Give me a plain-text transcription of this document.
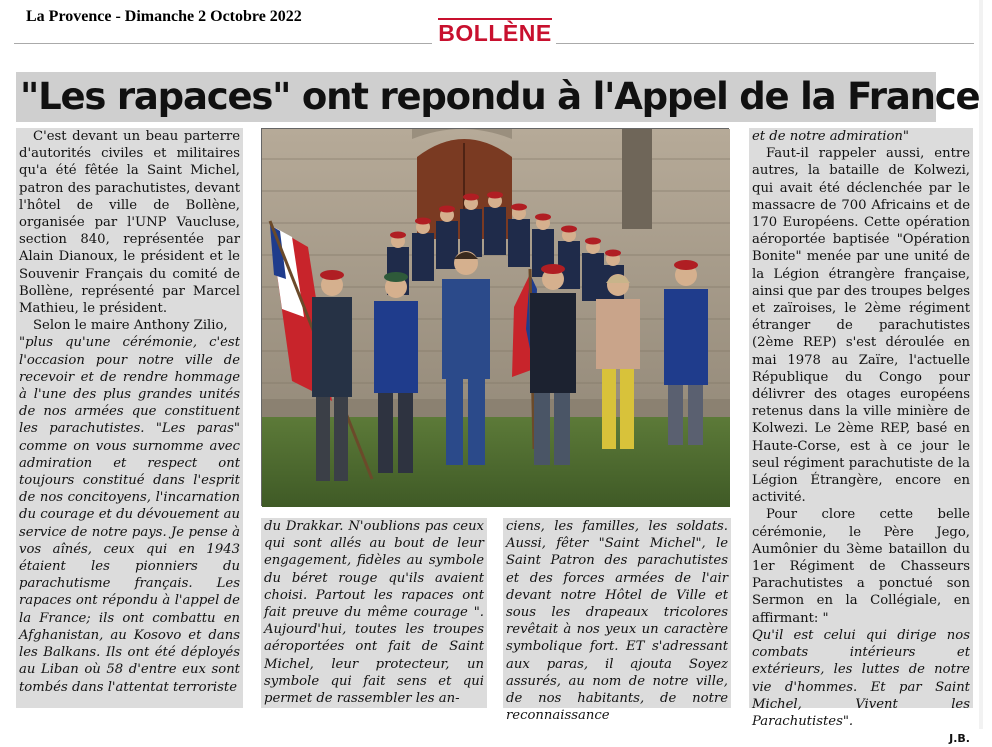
La Provence - Dimanche 2 Octobre 2022
BOLLÈNE
"Les rapaces" ont repondu à l'Appel de la France

C'est devant un beau parterre d'autorités civiles et militaires qu'a été fêtée la Saint Michel, patron des parachutistes, devant l'hôtel de ville de Bollène, organisée par l'UNP Vaucluse, section 840, représentée par Alain Dianoux, le président et le Souvenir Français du comité de Bollène, représenté par Marcel Mathieu, le président.

Selon le maire Anthony Zilio,

"plus qu'une cérémonie, c'est l'occasion pour notre ville de recevoir et de rendre hommage à l'une des plus grandes unités de nos armées que constituent les parachutistes. "Les paras" comme on vous surnomme avec admiration et respect ont toujours constitué dans l'esprit de nos concitoyens, l'incarnation du courage et du dévouement au service de notre pays. Je pense à vos aînés, ceux qui en 1943 étaient les pionniers du parachutisme français. Les rapaces ont répondu à l'appel de la France; ils ont combattu en Afghanistan, au Kosovo et dans les Balkans. Ils ont été déployés au Liban où 58 d'entre eux sont tombés dans l'attentat terroriste

du Drakkar. N'oublions pas ceux qui sont allés au bout de leur engagement, fidèles au symbole du béret rouge qu'ils avaient choisi. Partout les rapaces ont fait preuve du même courage ". Aujourd'hui, toutes les troupes aéroportées ont fait de Saint Michel, leur protecteur, un symbole qui fait sens et qui permet de rassembler les an-

ciens, les familles, les soldats. Aussi, fêter "Saint Michel", le Saint Patron des parachutistes et des forces armées de l'air devant notre Hôtel de Ville et sous les drapeaux tricolores revêtait à nos yeux un caractère symbolique fort. ET s'adressant aux paras, il ajouta Soyez assurés, au nom de notre ville, de nos habitants, de notre reconnaissance

et de notre admiration"

Faut-il rappeler aussi, entre autres, la bataille de Kolwezi, qui avait été déclenchée par le massacre de 700 Africains et de 170 Européens. Cette opération aéroportée baptisée "Opération Bonite" menée par une unité de la Légion étrangère française, ainsi que par des troupes belges et zaïroises, le 2ème régiment étranger de parachutistes (2ème REP) s'est déroulée en mai 1978 au Zaïre, l'actuelle République du Congo pour délivrer des otages européens retenus dans la ville minière de Kolwezi. Le 2ème REP, basé en Haute-Corse, est à ce jour le seul régiment parachutiste de la Légion Étrangère, encore en activité.

Pour clore cette belle cérémonie, le Père Jego, Aumônier du 3ème bataillon du 1er Régiment de Chasseurs Parachutistes a ponctué son Sermon en la Collégiale, en affirmant: "

Qu'il est celui qui dirige nos combats intérieurs et extérieurs, les luttes de notre vie d'hommes. Et par Saint Michel, Vivent les Parachutistes".

J.B.
